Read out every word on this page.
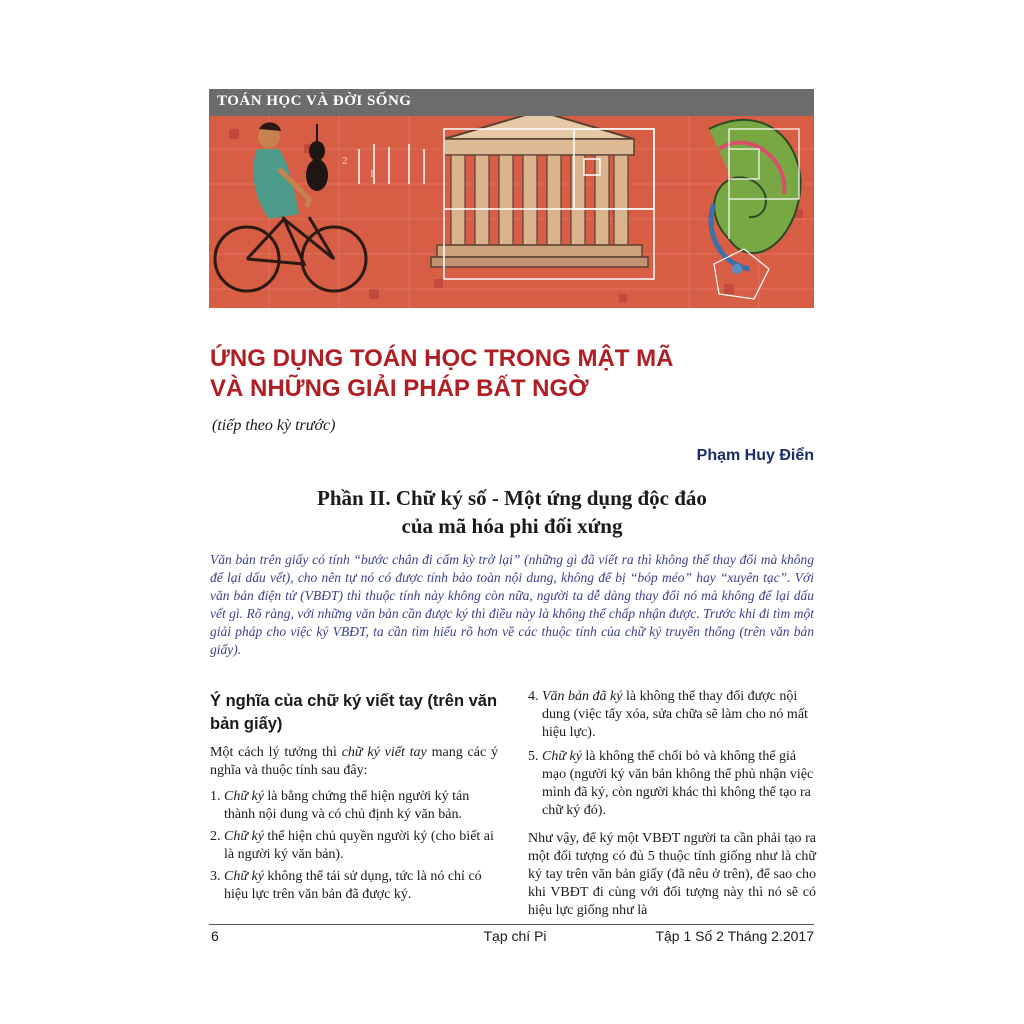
2
1
TOÁN HỌC VÀ ĐỜI SỐNG
ỨNG DỤNG TOÁN HỌC TRONG MẬT MÃ
VÀ NHỮNG GIẢI PHÁP BẤT NGỜ
(tiếp theo kỳ trước)
Phạm Huy Điển
Phần II. Chữ ký số - Một ứng dụng độc đáo
của mã hóa phi đối xứng

Văn bản trên giấy có tính “bước chân đi cấm kỳ trở lại” (những gì đã viết ra thì không thể thay đổi mà không để lại dấu vết), cho nên tự nó có được tính bảo toàn nội dung, không để bị “bóp méo” hay “xuyên tạc”. Với văn bản điện tử (VBĐT) thì thuộc tính này không còn nữa, người ta dễ dàng thay đổi nó mà không để lại dấu vết gì. Rõ ràng, với những văn bản cần được ký thì điều này là không thể chấp nhận được. Trước khi đi tìm một giải pháp cho việc ký VBĐT, ta cần tìm hiểu rõ hơn về các thuộc tính của chữ ký truyền thống (trên văn bản giấy).

Ý nghĩa của chữ ký viết tay (trên văn bản giấy)

Một cách lý tưởng thì chữ ký viết tay mang các ý nghĩa và thuộc tính sau đây:

1. Chữ ký là bằng chứng thể hiện người ký tán thành nội dung và có chủ định ký văn bản.
2. Chữ ký thể hiện chủ quyền người ký (cho biết ai là người ký văn bản).
3. Chữ ký không thể tái sử dụng, tức là nó chỉ có hiệu lực trên văn bản đã được ký.
4. Văn bản đã ký là không thể thay đổi được nội dung (việc tẩy xóa, sửa chữa sẽ làm cho nó mất hiệu lực).
5. Chữ ký là không thể chối bỏ và không thể giả mạo (người ký văn bản không thể phủ nhận việc mình đã ký, còn người khác thì không thể tạo ra chữ ký đó).

Như vậy, để ký một VBĐT người ta cần phải tạo ra một đối tượng có đủ 5 thuộc tính giống như là chữ ký tay trên văn bản giấy (đã nêu ở trên), để sao cho khi VBĐT đi cùng với đối tượng này thì nó sẽ có hiệu lực giống như là

6	Tạp chí Pi	Tập 1 Số 2 Tháng 2.2017
